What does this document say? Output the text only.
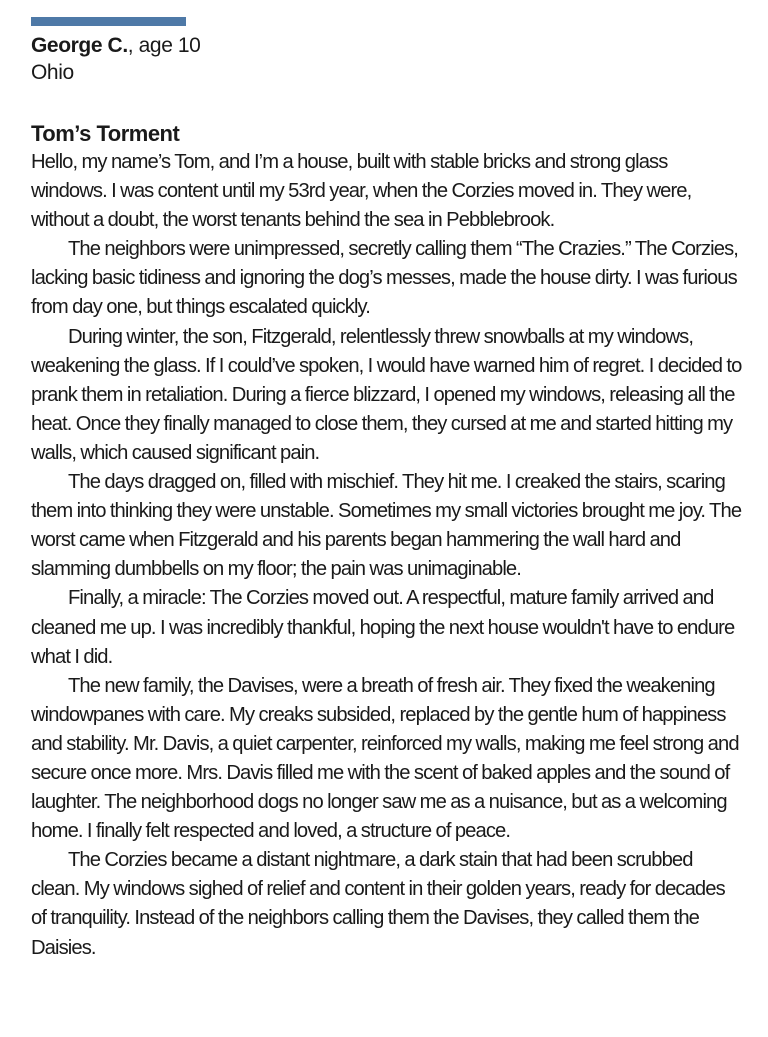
George C., age 10
Ohio
Tom’s Torment

Hello, my name’s Tom, and I’m a house, built with stable bricks and strong glass windows. I was content until my 53rd year, when the Corzies moved in. They were, without a doubt, the worst tenants behind the sea in Pebblebrook.

The neighbors were unimpressed, secretly calling them “The Crazies.” The Corzies, lacking basic tidiness and ignoring the dog’s messes, made the house dirty. I was furious from day one, but things escalated quickly.

During winter, the son, Fitzgerald, relentlessly threw snowballs at my windows, weakening the glass. If I could’ve spoken, I would have warned him of regret. I decided to prank them in retaliation. During a fierce blizzard, I opened my windows, releasing all the heat. Once they finally managed to close them, they cursed at me and started hitting my walls, which caused significant pain.

The days dragged on, filled with mischief. They hit me. I creaked the stairs, scaring them into thinking they were unstable. Sometimes my small victories brought me joy. The worst came when Fitzgerald and his parents began hammering the wall hard and slamming dumbbells on my floor; the pain was unimaginable.

Finally, a miracle: The Corzies moved out. A respectful, mature family arrived and cleaned me up. I was incredibly thankful, hoping the next house wouldn't have to endure what I did.

The new family, the Davises, were a breath of fresh air. They fixed the weakening windowpanes with care. My creaks subsided, replaced by the gentle hum of happiness and stability. Mr. Davis, a quiet carpenter, reinforced my walls, making me feel strong and secure once more. Mrs. Davis filled me with the scent of baked apples and the sound of laughter. The neighborhood dogs no longer saw me as a nuisance, but as a welcoming home. I finally felt respected and loved, a structure of peace.

The Corzies became a distant nightmare, a dark stain that had been scrubbed clean. My windows sighed of relief and content in their golden years, ready for decades of tranquility. Instead of the neighbors calling them the Davises, they called them the Daisies.
